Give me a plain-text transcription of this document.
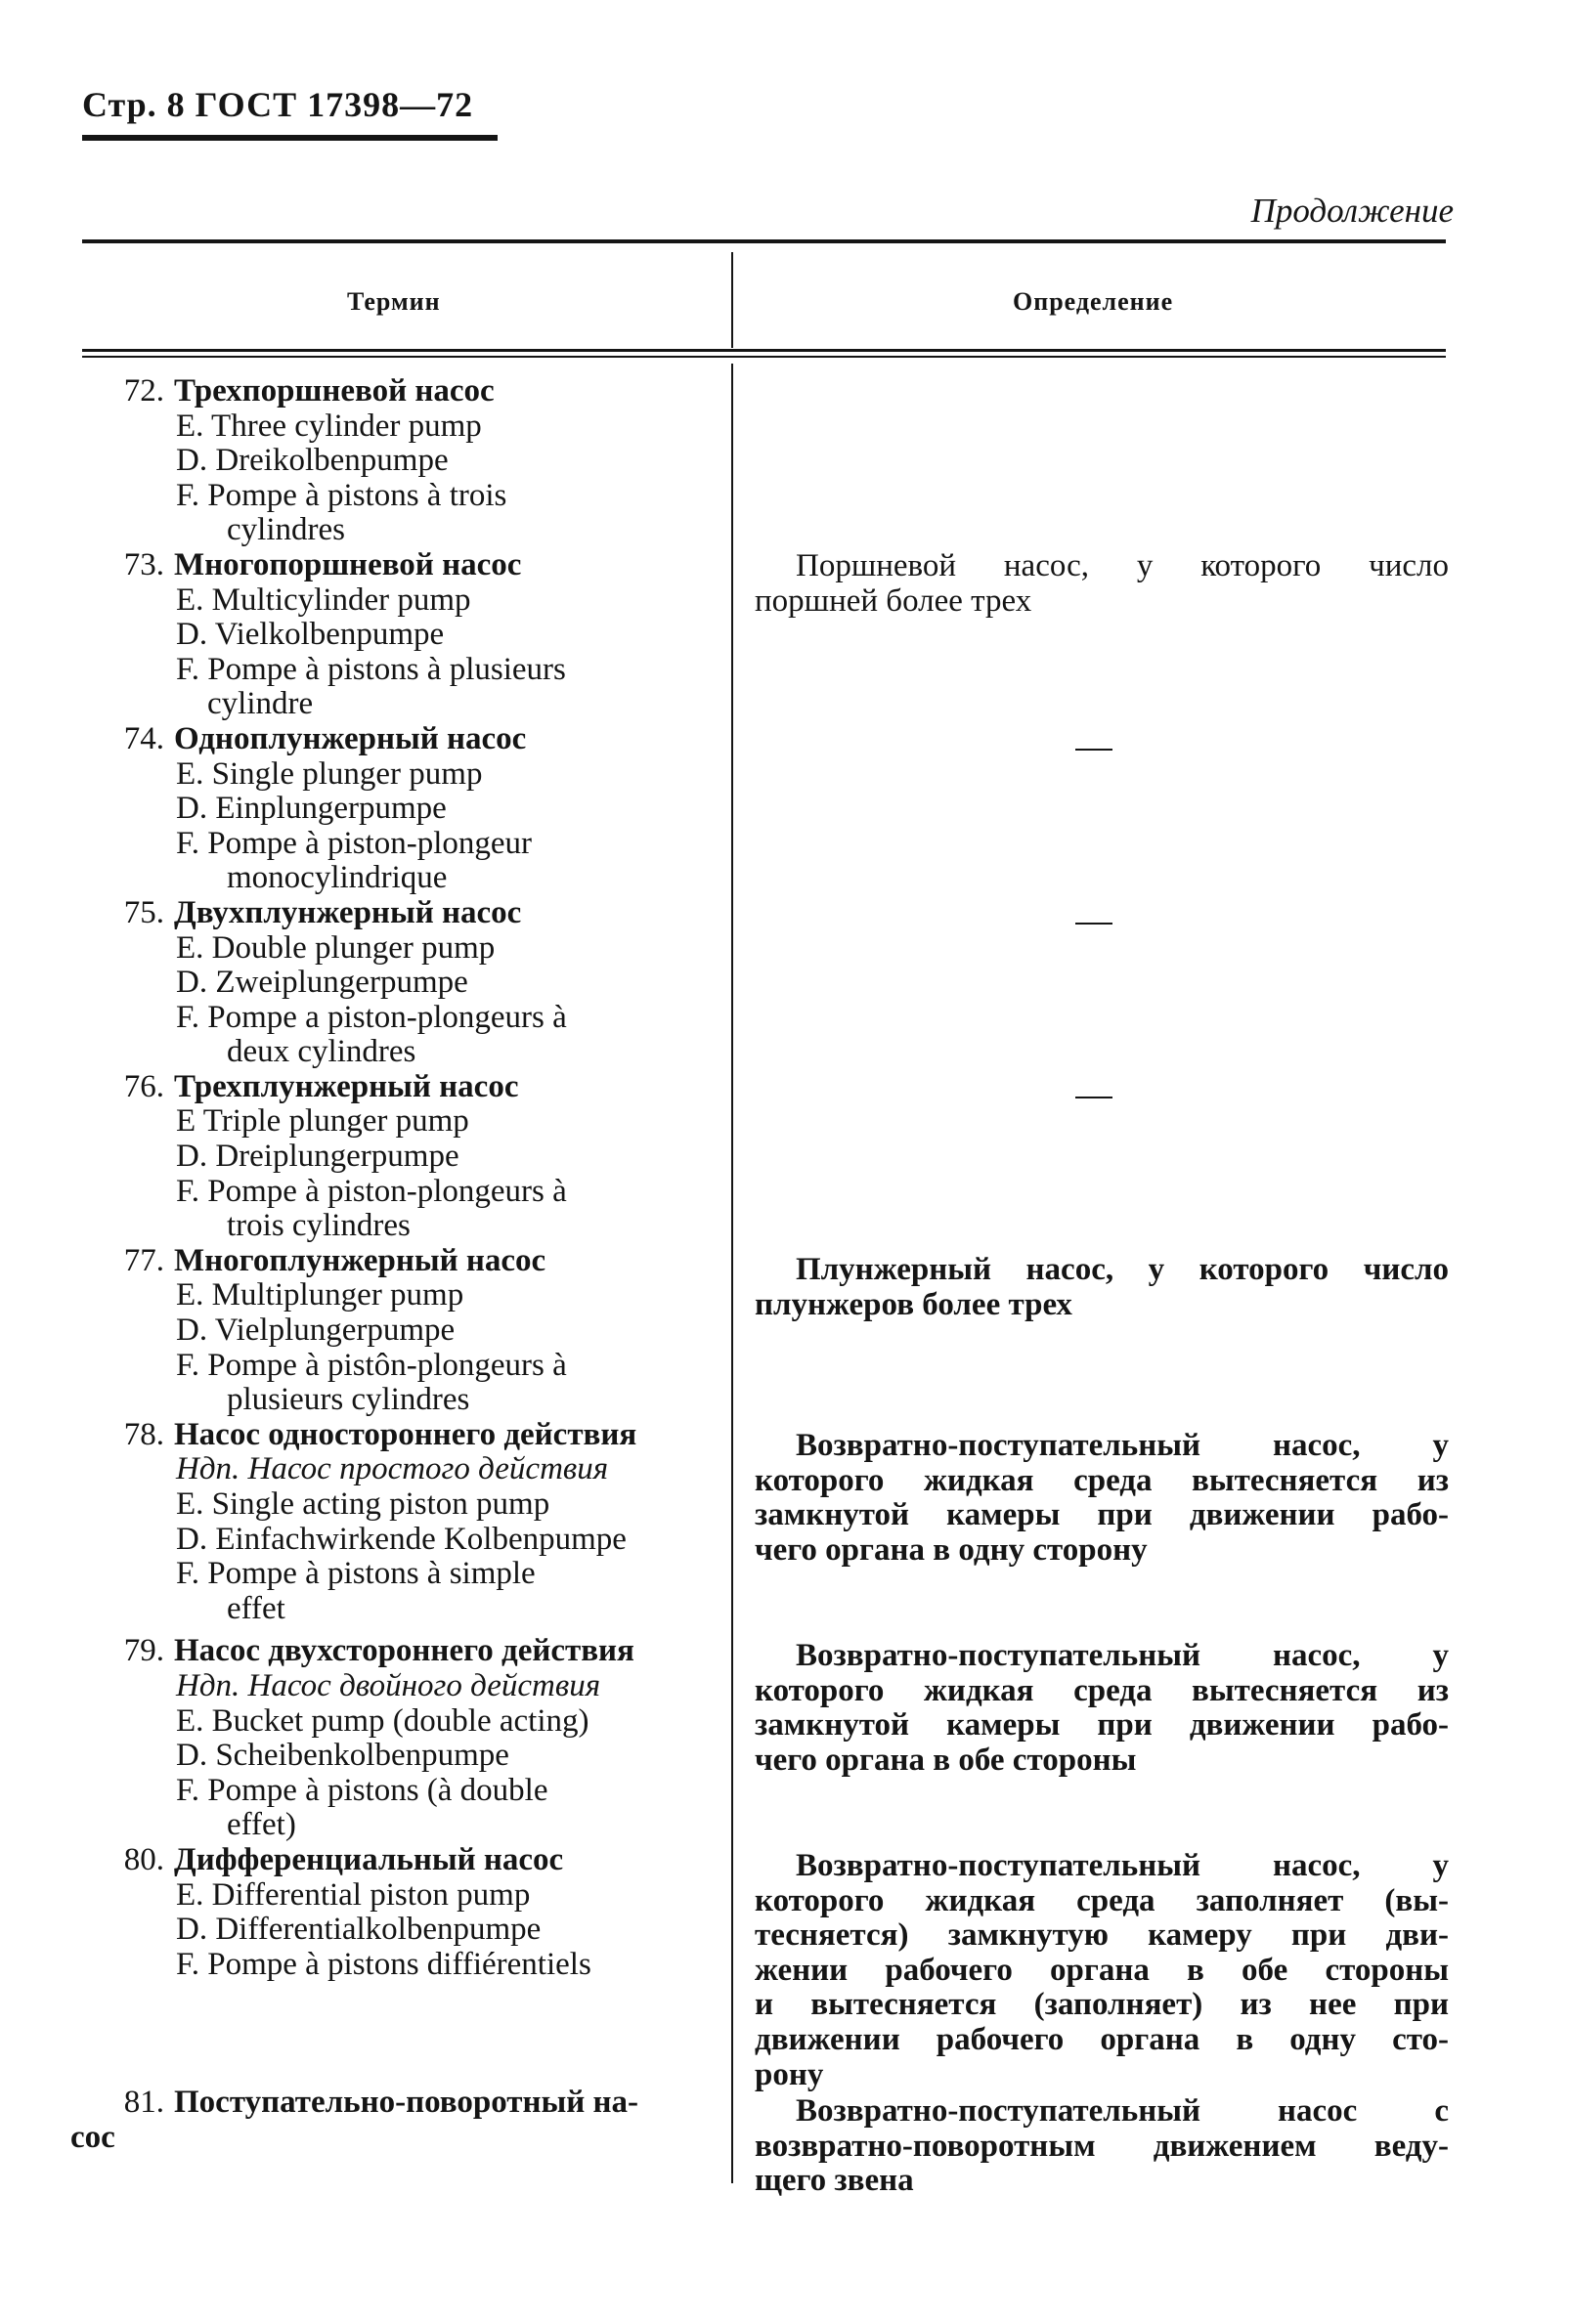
Стр. 8 ГОСТ 17398—72
Продолжение
Термин	Определение
72. Трехпоршневой насос
E. Three cylinder pump
D. Dreikolbenpumpe
F. Pompe à pistons à trois
cylindres
73. Многопоршневой насос
E. Multicylinder pump
D. Vielkolbenpumpe
F. Pompe à pistons à plusieurs
cylindre
74. Одноплунжерный насос
E. Single plunger pump
D. Einplungerpumpe
F. Pompe à piston-plongeur
monocylindrique
75. Двухплунжерный насос
E. Double plunger pump
D. Zweiplungerpumpe
F. Pompe a piston-plongeurs à
deux cylindres
76. Трехплунжерный насос
E Triple plunger pump
D. Dreiplungerpumpe
F. Pompe à piston-plongeurs à
trois cylindres
77. Многоплунжерный насос
E. Multiplunger pump
D. Vielplungerpumpe
F. Pompe à pistôn-plongeurs à
plusieurs cylindres
78. Насос одностороннего действия
Ндп. Насос простого действия
E. Single acting piston pump
D. Einfachwirkende Kolbenpumpe
F. Pompe à pistons à simple
effet
79. Насос двухстороннего действия
Ндп. Насос двойного действия
E. Bucket pump (double acting)
D. Scheibenkolbenpumpe
F. Pompe à pistons (à double
effet)
80. Дифференциальный насос
E. Differential piston pump
D. Differentialkolbenpumpe
F. Pompe à pistons diffiérentiels
81. Поступательно-поворотный на-
сос
Поршневой насос, у которого число
поршней более трех
Плунжерный насос, у которого число
плунжеров более трех
Возвратно-поступательный насос, у
которого жидкая среда вытесняется из
замкнутой камеры при движении рабо-
чего органа в одну сторону
Возвратно-поступательный насос, у
которого жидкая среда вытесняется из
замкнутой камеры при движении рабо-
чего органа в обе стороны
Возвратно-поступательный насос, у
которого жидкая среда заполняет (вы-
тесняется) замкнутую камеру при дви-
жении рабочего органа в обе стороны
и вытесняется (заполняет) из нее при
движении рабочего органа в одну сто-
рону
Возвратно-поступательный насос с
возвратно-поворотным движением веду-
щего звена
